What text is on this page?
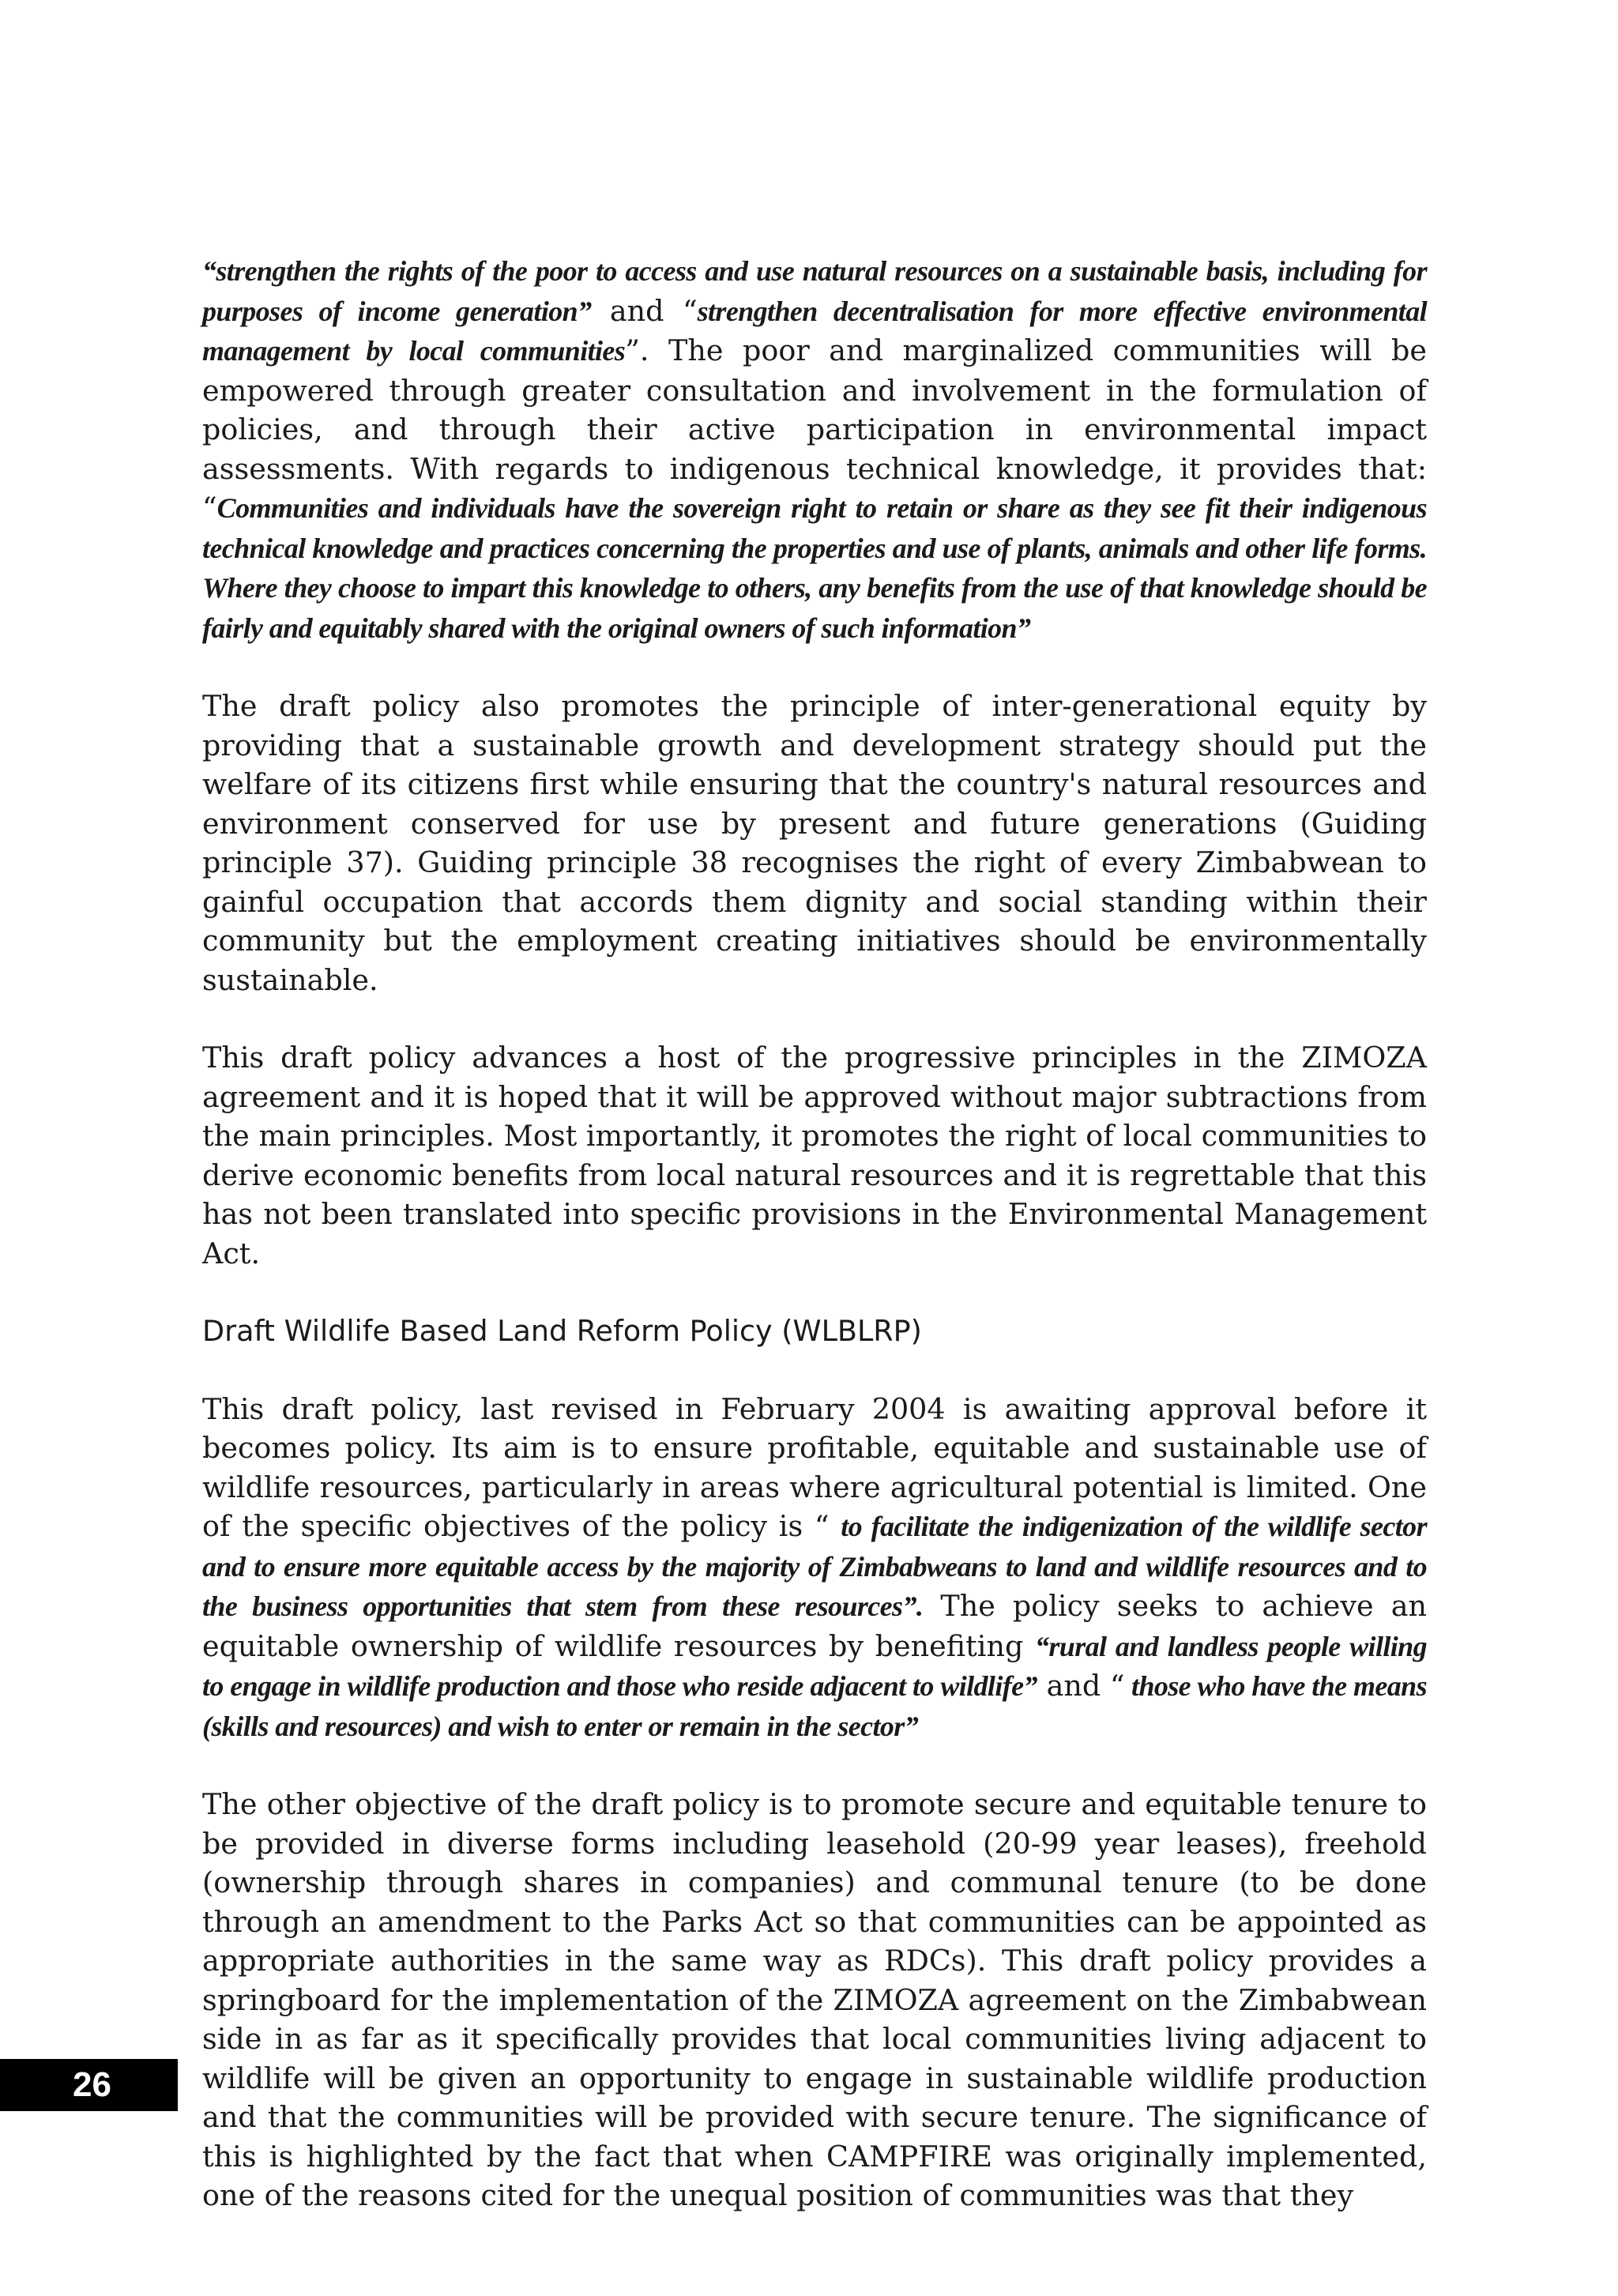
“strengthen the rights of the poor to access and use natural resources on a sustainable basis, including for purposes of income generation” and “strengthen decentralisation for more effective environmental management by local communities”. The poor and marginalized communities will be empowered through greater consultation and involvement in the formulation of policies, and through their active participation in environmental impact assessments. With regards to indigenous technical knowledge, it provides that: “Communities and individuals have the sovereign right to retain or share as they see fit their indigenous technical knowledge and practices concerning the properties and use of plants, animals and other life forms. Where they choose to impart this knowledge to others, any benefits from the use of that knowledge should be fairly and equitably shared with the original owners of such information”

The draft policy also promotes the principle of inter-generational equity by providing that a sustainable growth and development strategy should put the welfare of its citizens first while ensuring that the country's natural resources and environment conserved for use by present and future generations (Guiding principle 37). Guiding principle 38 recognises the right of every Zimbabwean to gainful occupation that accords them dignity and social standing within their community but the employment creating initiatives should be environmentally sustainable.

This draft policy advances a host of the progressive principles in the ZIMOZA agreement and it is hoped that it will be approved without major subtractions from the main principles. Most importantly, it promotes the right of local communities to derive economic benefits from local natural resources and it is regrettable that this has not been translated into specific provisions in the Environmental Management Act.

Draft Wildlife Based Land Reform Policy (WLBLRP)

This draft policy, last revised in February 2004 is awaiting approval before it becomes policy. Its aim is to ensure profitable, equitable and sustainable use of wildlife resources, particularly in areas where agricultural potential is limited. One of the specific objectives of the policy is “ to facilitate the indigenization of the wildlife sector and to ensure more equitable access by the majority of Zimbabweans to land and wildlife resources and to the business opportunities that stem from these resources”. The policy seeks to achieve an equitable ownership of wildlife resources by benefiting “rural and landless people willing to engage in wildlife production and those who reside adjacent to wildlife” and “ those who have the means (skills and resources) and wish to enter or remain in the sector”

The other objective of the draft policy is to promote secure and equitable tenure to be provided in diverse forms including leasehold (20-99 year leases), freehold (ownership through shares in companies) and communal tenure (to be done through an amendment to the Parks Act so that communities can be appointed as appropriate authorities in the same way as RDCs). This draft policy provides a springboard for the implementation of the ZIMOZA agreement on the Zimbabwean side in as far as it specifically provides that local communities living adjacent to wildlife will be given an opportunity to engage in sustainable wildlife production and that the communities will be provided with secure tenure. The significance of this is highlighted by the fact that when CAMPFIRE was originally implemented, one of the reasons cited for the unequal position of communities was that they

26
